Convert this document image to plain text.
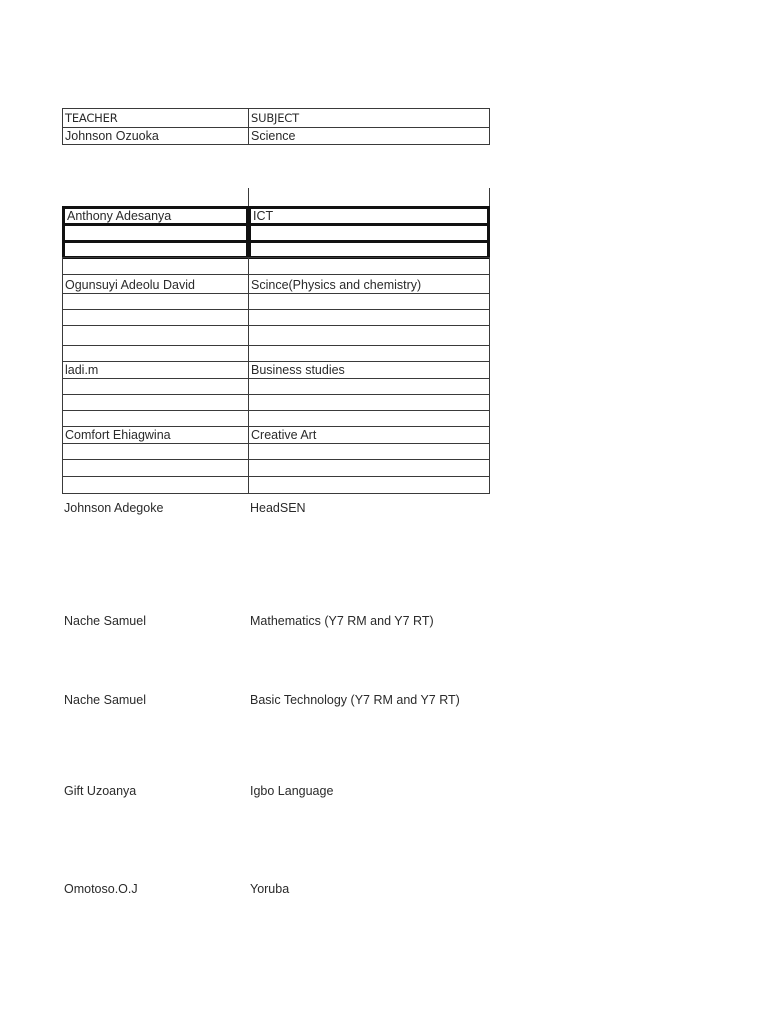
TEACHER	SUBJECT
Johnson Ozuoka	Science
Anthony Adesanya	ICT
Ogunsuyi Adeolu David	Scince(Physics and chemistry)
ladi.m	Business studies
Comfort Ehiagwina	Creative Art
Johnson Adegoke	HeadSEN
Nache Samuel	Mathematics (Y7 RM and Y7 RT)
Nache Samuel	Basic Technology (Y7 RM and Y7 RT)
Gift Uzoanya	Igbo Language
Omotoso.O.J	Yoruba
